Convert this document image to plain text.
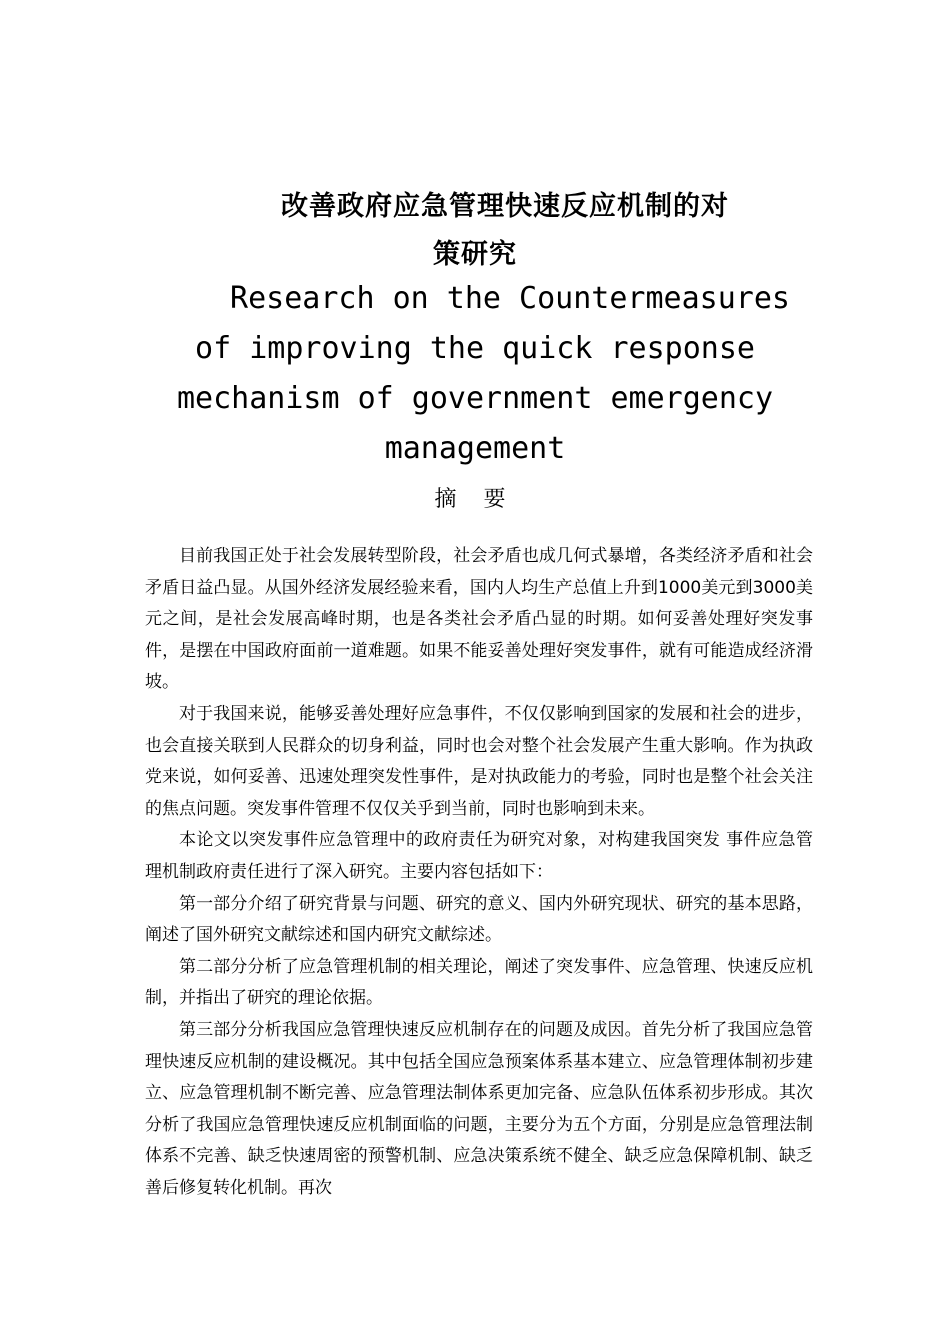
改善政府应急管理快速反应机制的对
策研究
Research on the Countermeasures
of improving the quick response
mechanism of government emergency
management
摘 要

目前我国正处于社会发展转型阶段，社会矛盾也成几何式暴增，各类经济矛盾和社会矛盾日益凸显。从国外经济发展经验来看，国内人均生产总值上升到1000美元到3000美元之间，是社会发展高峰时期，也是各类社会矛盾凸显的时期。如何妥善处理好突发事件，是摆在中国政府面前一道难题。如果不能妥善处理好突发事件，就有可能造成经济滑坡。

对于我国来说，能够妥善处理好应急事件，不仅仅影响到国家的发展和社会的进步，也会直接关联到人民群众的切身利益，同时也会对整个社会发展产生重大影响。作为执政党来说，如何妥善、迅速处理突发性事件，是对执政能力的考验，同时也是整个社会关注的焦点问题。突发事件管理不仅仅关乎到当前，同时也影响到未来。

本论文以突发事件应急管理中的政府责任为研究对象，对构建我国突发 事件应急管理机制政府责任进行了深入研究。主要内容包括如下：

第一部分介绍了研究背景与问题、研究的意义、国内外研究现状、研究的基本思路，阐述了国外研究文献综述和国内研究文献综述。

第二部分分析了应急管理机制的相关理论，阐述了突发事件、应急管理、快速反应机制，并指出了研究的理论依据。

第三部分分析我国应急管理快速反应机制存在的问题及成因。首先分析了我国应急管理快速反应机制的建设概况。其中包括全国应急预案体系基本建立、应急管理体制初步建立、应急管理机制不断完善、应急管理法制体系更加完备、应急队伍体系初步形成。其次分析了我国应急管理快速反应机制面临的问题，主要分为五个方面，分别是应急管理法制体系不完善、缺乏快速周密的预警机制、应急决策系统不健全、缺乏应急保障机制、缺乏善后修复转化机制。再次
